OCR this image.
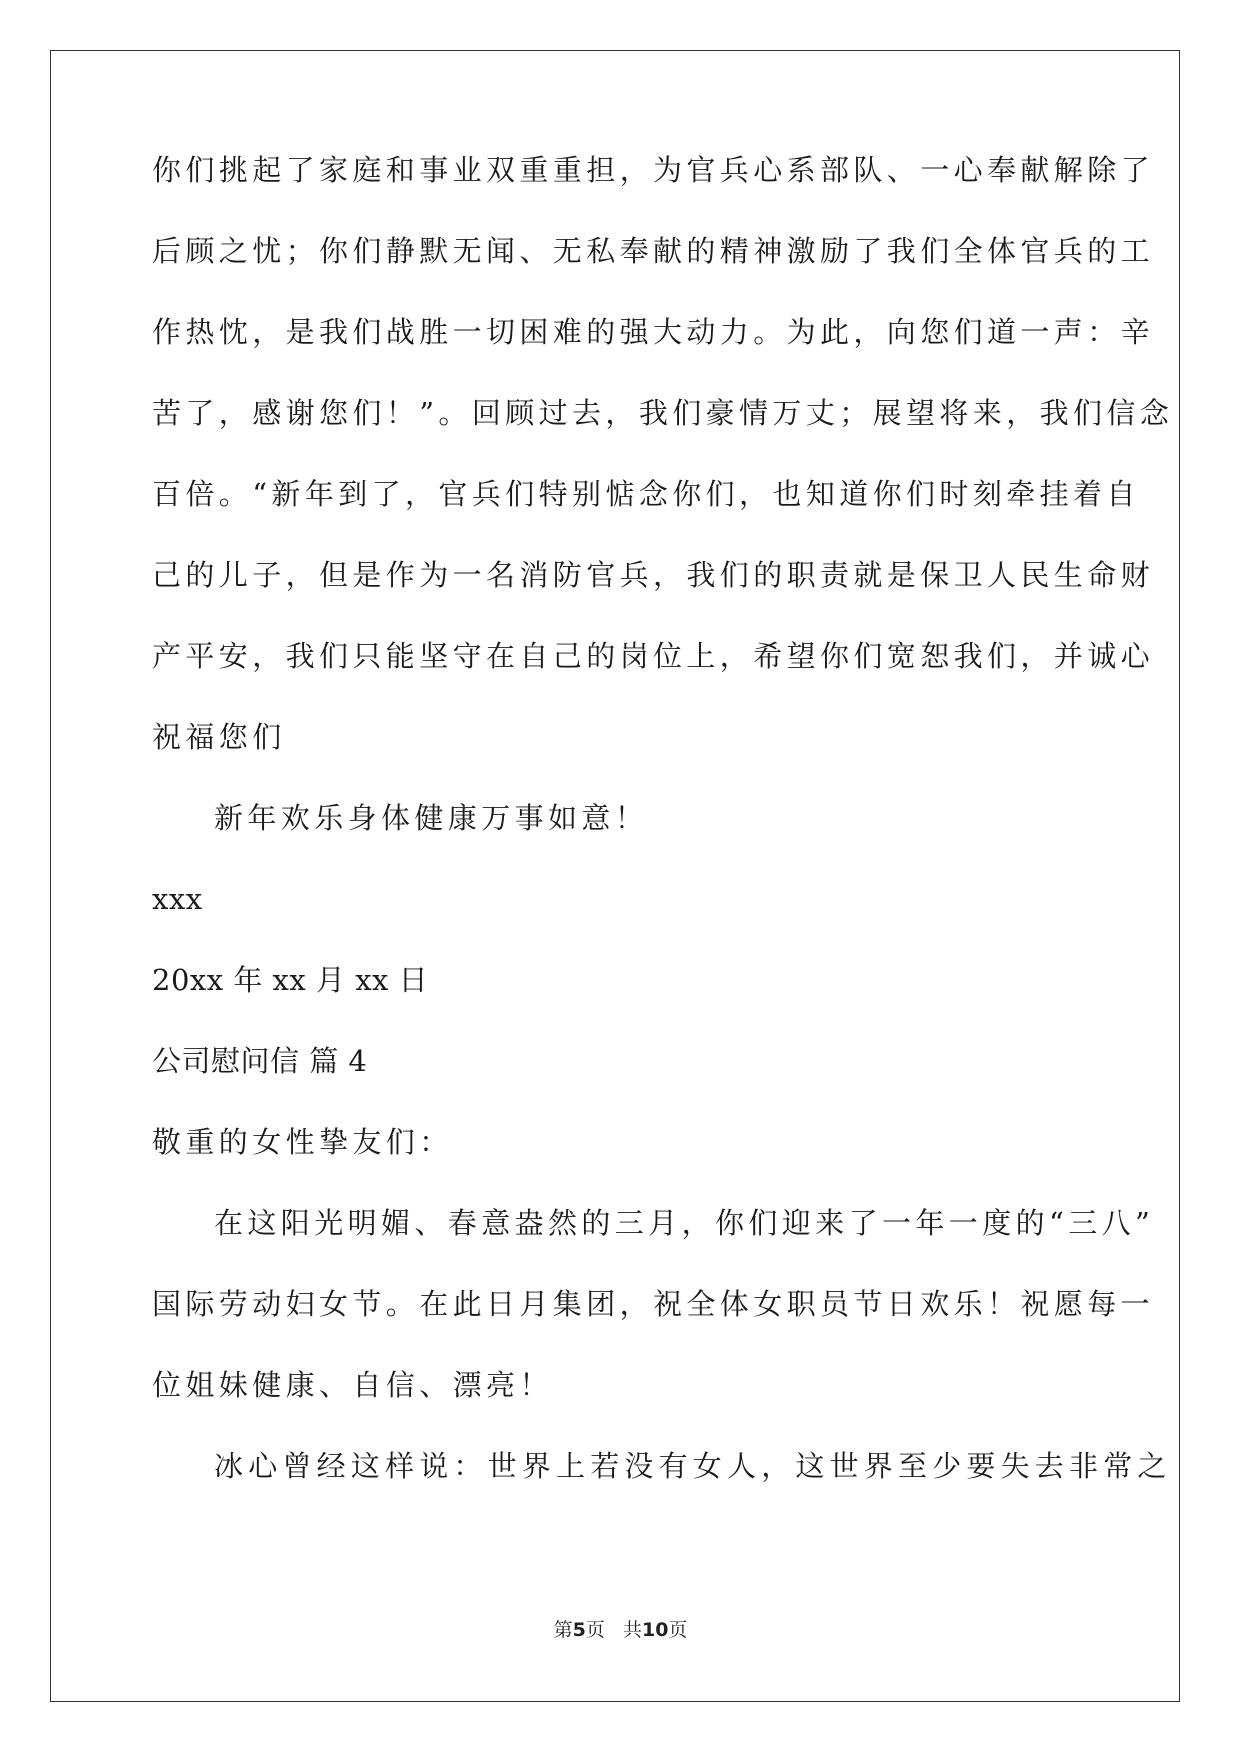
你们挑起了家庭和事业双重重担，为官兵心系部队、一心奉献解除了
后顾之忧；你们静默无闻、无私奉献的精神激励了我们全体官兵的工
作热忱，是我们战胜一切困难的强大动力。为此，向您们道一声：辛
苦了，感谢您们！”。回顾过去，我们豪情万丈；展望将来，我们信念
百倍。“新年到了，官兵们特别惦念你们，也知道你们时刻牵挂着自
己的儿子，但是作为一名消防官兵，我们的职责就是保卫人民生命财
产平安，我们只能坚守在自己的岗位上，希望你们宽恕我们，并诚心
祝福您们
新年欢乐身体健康万事如意！
xxx
20xx 年 xx 月 xx 日
公司慰问信 篇 4
敬重的女性挚友们：
在这阳光明媚、春意盎然的三月，你们迎来了一年一度的“三八”
国际劳动妇女节。在此日月集团，祝全体女职员节日欢乐！祝愿每一
位姐妹健康、自信、漂亮！
冰心曾经这样说：世界上若没有女人，这世界至少要失去非常之
第5页 共10页
